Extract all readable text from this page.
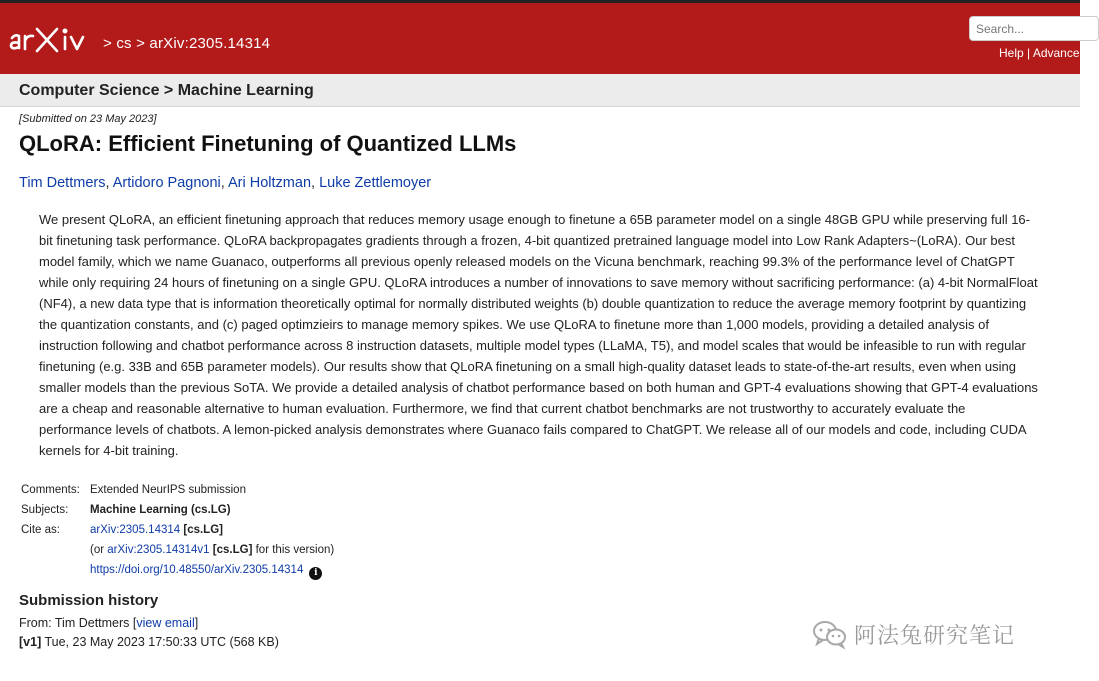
> cs > arXiv:2305.14314
Search...
Help | Advanced
Computer Science > Machine Learning
[Submitted on 23 May 2023]
QLoRA: Efficient Finetuning of Quantized LLMs
Tim Dettmers, Artidoro Pagnoni, Ari Holtzman, Luke Zettlemoyer

We present QLoRA, an efficient finetuning approach that reduces memory usage enough to finetune a 65B parameter model on a single 48GB GPU while preserving full 16-bit finetuning task performance. QLoRA backpropagates gradients through a frozen, 4-bit quantized pretrained language model into Low Rank Adapters~(LoRA). Our best model family, which we name Guanaco, outperforms all previous openly released models on the Vicuna benchmark, reaching 99.3% of the performance level of ChatGPT while only requiring 24 hours of finetuning on a single GPU. QLoRA introduces a number of innovations to save memory without sacrificing performance: (a) 4-bit NormalFloat (NF4), a new data type that is information theoretically optimal for normally distributed weights (b) double quantization to reduce the average memory footprint by quantizing the quantization constants, and (c) paged optimzieirs to manage memory spikes. We use QLoRA to finetune more than 1,000 models, providing a detailed analysis of instruction following and chatbot performance across 8 instruction datasets, multiple model types (LLaMA, T5), and model scales that would be infeasible to run with regular finetuning (e.g. 33B and 65B parameter models). Our results show that QLoRA finetuning on a small high-quality dataset leads to state-of-the-art results, even when using smaller models than the previous SoTA. We provide a detailed analysis of chatbot performance based on both human and GPT-4 evaluations showing that GPT-4 evaluations are a cheap and reasonable alternative to human evaluation. Furthermore, we find that current chatbot benchmarks are not trustworthy to accurately evaluate the performance levels of chatbots. A lemon-picked analysis demonstrates where Guanaco fails compared to ChatGPT. We release all of our models and code, including CUDA kernels for 4-bit training.

Comments: Extended NeurIPS submission
Subjects:	Machine Learning (cs.LG)
Cite as:	arXiv:2305.14314 [cs.LG]
(or arXiv:2305.14314v1 [cs.LG] for this version)
https://doi.org/10.48550/arXiv.2305.14314 i
Submission history
From: Tim Dettmers [view email]
[v1] Tue, 23 May 2023 17:50:33 UTC (568 KB)	阿法兔研究笔记
